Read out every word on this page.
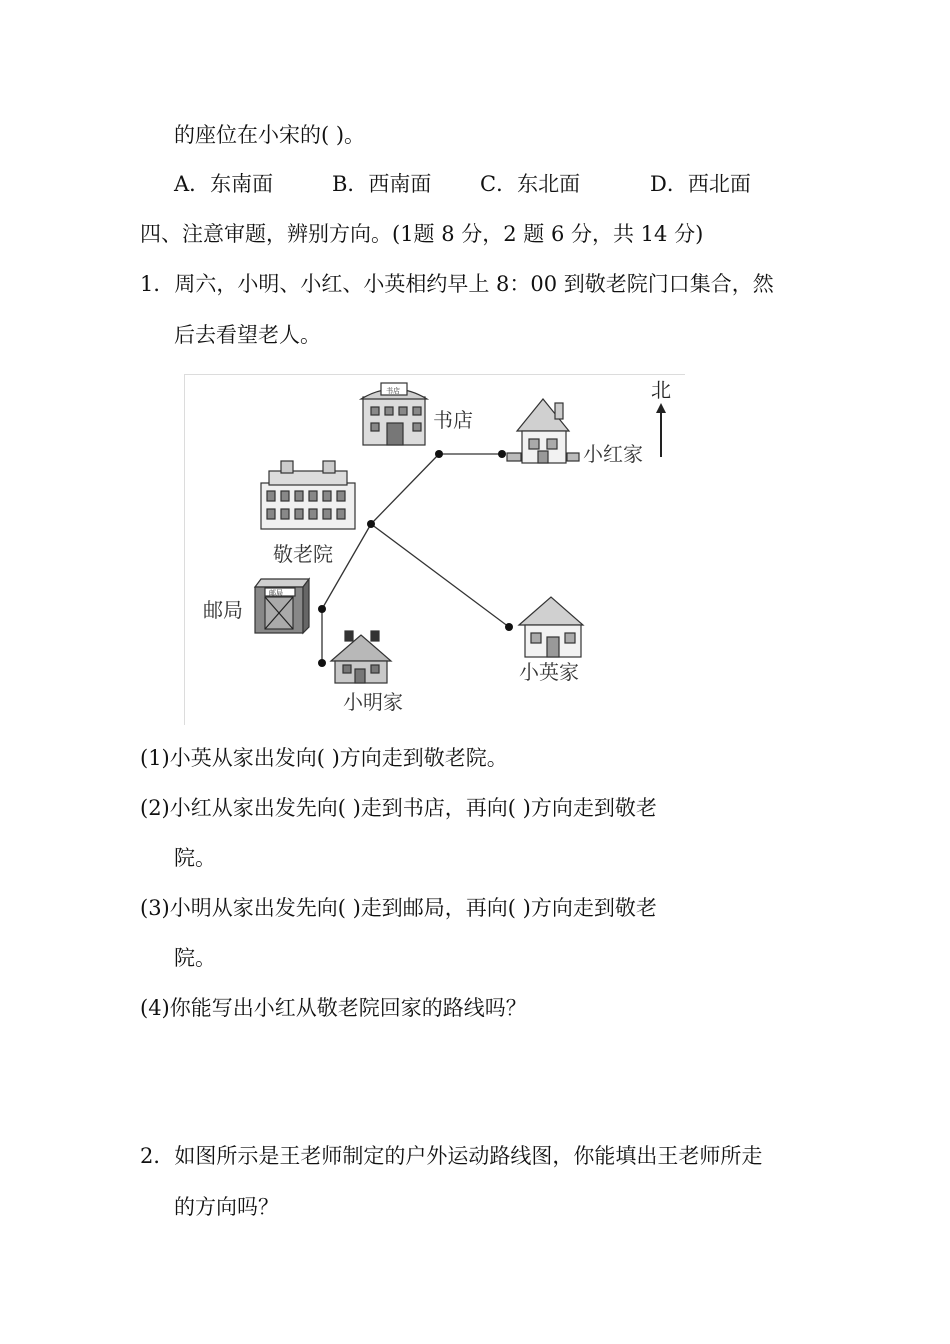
的座位在小宋的( )。
A．东南面	B．西南面 C．东北面	D．西北面
四、注意审题，辨别方向。(1题 8 分，2 题 6 分，共 14 分)
1．周六，小明、小红、小英相约早上 8：00 到敬老院门口集合，然
后去看望老人。
北
书店
书店
小红家
敬老院
邮局
邮局
小英家
小明家
(1)小英从家出发向( )方向走到敬老院。
(2)小红从家出发先向( )走到书店，再向( )方向走到敬老
院。
(3)小明从家出发先向( )走到邮局，再向( )方向走到敬老
院。
(4)你能写出小红从敬老院回家的路线吗？
2．如图所示是王老师制定的户外运动路线图，你能填出王老师所走
的方向吗？
